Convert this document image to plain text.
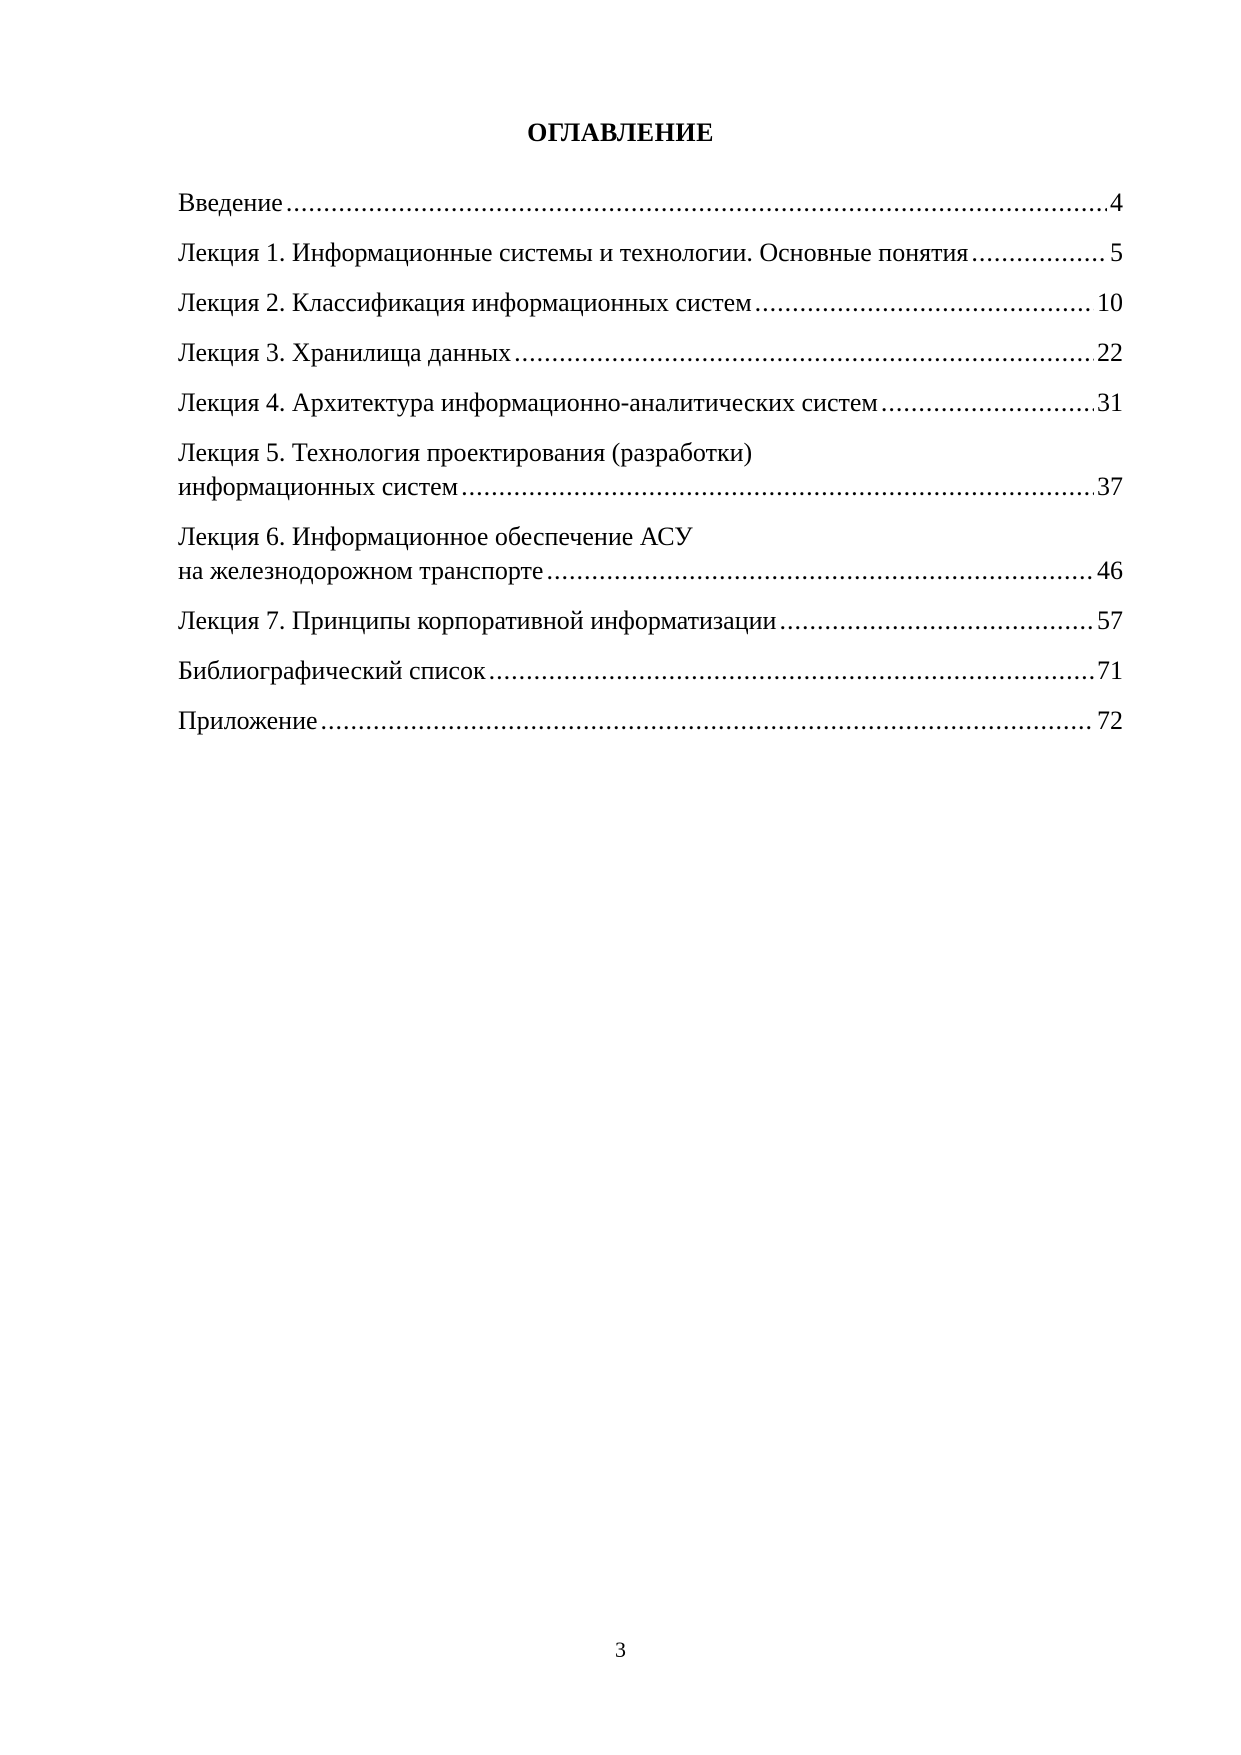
ОГЛАВЛЕНИЕ
Введение .....	4
Лекция 1. Информационные системы и технологии. Основные понятия .....	5
Лекция 2. Классификация информационных систем .....	10
Лекция 3. Хранилища данных .....	22
Лекция 4. Архитектура информационно-аналитических систем .....	31
Лекция 5. Технология проектирования (разработки)
информационных систем .....	37
Лекция 6. Информационное обеспечение АСУ
на железнодорожном транспорте .....	46
Лекция 7. Принципы корпоративной информатизации .....	57
Библиографический список .....	71
Приложение .....	72
3
